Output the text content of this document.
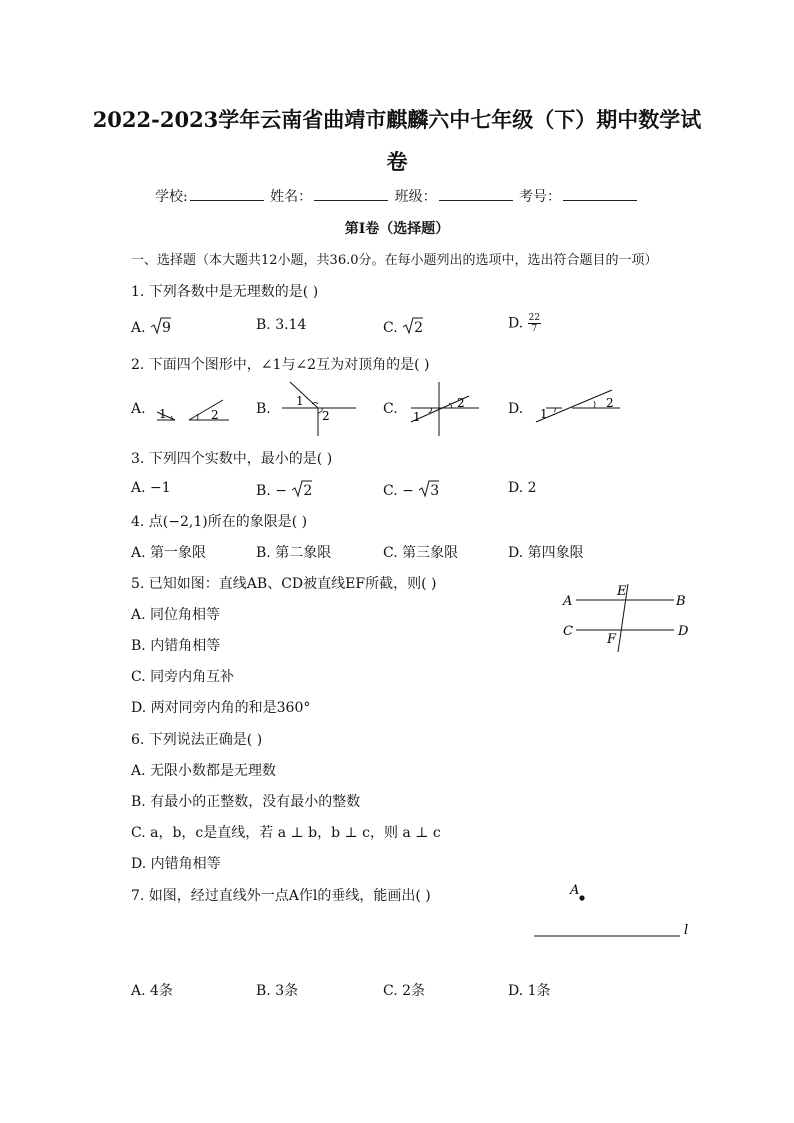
2022-2023学年云南省曲靖市麒麟六中七年级（下）期中数学试
卷
学校:	姓名：	班级：	考号：
第I卷（选择题）
一、选择题（本大题共12小题，共36.0分。在每小题列出的选项中，选出符合题目的一项）
1. 下列各数中是无理数的是( )
A. 9	B. 3.14	C. 2	D. $\frac{22}{7}$
2. 下面四个图形中，∠1与∠2互为对顶角的是( )
A. 1	2	B. 1
2	C. 1
2	D. 1
2
3. 下列四个实数中，最小的是( )
A. −1	B. − 2	C. − 3	D. 2
4. 点(−2,1)所在的象限是( )
A. 第一象限	B. 第二象限	C. 第三象限	D. 第四象限
5. 已知如图：直线AB、CD被直线EF所截，则( )
A. 同位角相等
B. 内错角相等
C. 同旁内角互补
D. 两对同旁内角的和是360°
A	B
C	D
E
F
6. 下列说法正确是( )
A. 无限小数都是无理数
B. 有最小的正整数，没有最小的整数
C. a，b，c是直线，若 a ⊥ b，b ⊥ c，则 a ⊥ c
D. 内错角相等
7. 如图，经过直线外一点A作l的垂线，能画出( )	A
l
A. 4条	B. 3条	C. 2条	D. 1条
